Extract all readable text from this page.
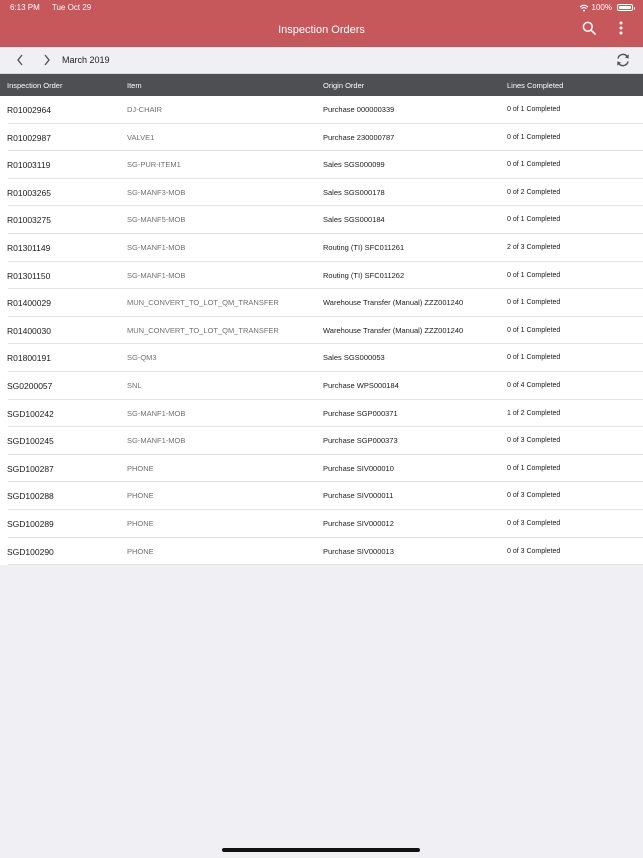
6:13 PM Tue Oct 29	100%
Inspection Orders
March 2019
Inspection Order	Item	Origin Order	Lines Completed
R01002964	DJ-CHAIR	Purchase 000000339	0 of 1 Completed
R01002987	VALVE1	Purchase 230000787	0 of 1 Completed
R01003119	SG-PUR-ITEM1	Sales SGS000099	0 of 1 Completed
R01003265	SG-MANF3-MOB	Sales SGS000178	0 of 2 Completed
R01003275	SG-MANF5-MOB	Sales SGS000184	0 of 1 Completed
R01301149	SG-MANF1-MOB	Routing (TI) SFC011261	2 of 3 Completed
R01301150	SG-MANF1-MOB	Routing (TI) SFC011262	0 of 1 Completed
R01400029	MUN_CONVERT_TO_LOT_QM_TRANSFER	Warehouse Transfer (Manual) ZZZ001240	0 of 1 Completed
R01400030	MUN_CONVERT_TO_LOT_QM_TRANSFER	Warehouse Transfer (Manual) ZZZ001240	0 of 1 Completed
R01800191	SG-QM3	Sales SGS000053	0 of 1 Completed
SG0200057	SNL	Purchase WPS000184	0 of 4 Completed
SGD100242	SG-MANF1-MOB	Purchase SGP000371	1 of 2 Completed
SGD100245	SG-MANF1-MOB	Purchase SGP000373	0 of 3 Completed
SGD100287	PHONE	Purchase SIV000010	0 of 1 Completed
SGD100288	PHONE	Purchase SIV000011	0 of 3 Completed
SGD100289	PHONE	Purchase SIV000012	0 of 3 Completed
SGD100290	PHONE	Purchase SIV000013	0 of 3 Completed
